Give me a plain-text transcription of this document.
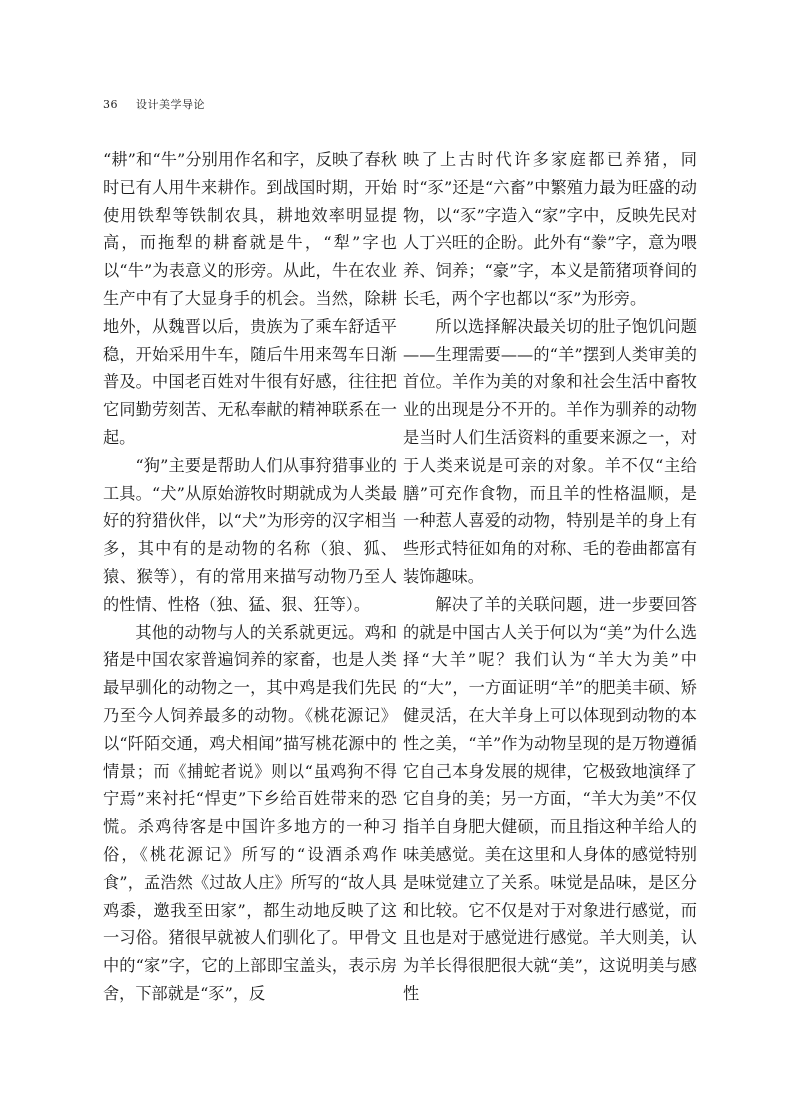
36 设计美学导论

“耕”和“牛”分别用作名和字，反映了春秋时已有人用牛来耕作。到战国时期，开始使用铁犁等铁制农具，耕地效率明显提高，而拖犁的耕畜就是牛，“犁”字也以“牛”为表意义的形旁。从此，牛在农业生产中有了大显身手的机会。当然，除耕地外，从魏晋以后，贵族为了乘车舒适平稳，开始采用牛车，随后牛用来驾车日渐普及。中国老百姓对牛很有好感，往往把它同勤劳刻苦、无私奉献的精神联系在一起。

“狗”主要是帮助人们从事狩猎事业的工具。“犬”从原始游牧时期就成为人类最好的狩猎伙伴，以“犬”为形旁的汉字相当多，其中有的是动物的名称（狼、狐、猿、猴等），有的常用来描写动物乃至人的性情、性格（独、猛、狠、狂等）。

其他的动物与人的关系就更远。鸡和猪是中国农家普遍饲养的家畜，也是人类最早驯化的动物之一，其中鸡是我们先民乃至今人饲养最多的动物。《桃花源记》以“阡陌交通，鸡犬相闻”描写桃花源中的情景；而《捕蛇者说》则以“虽鸡狗不得宁焉”来衬托“悍吏”下乡给百姓带来的恐慌。杀鸡待客是中国许多地方的一种习俗，《桃花源记》所写的“设酒杀鸡作食”，孟浩然《过故人庄》所写的“故人具鸡黍，邀我至田家”，都生动地反映了这一习俗。猪很早就被人们驯化了。甲骨文中的“家”字，它的上部即宝盖头，表示房舍，下部就是“豕”，反

映了上古时代许多家庭都已养猪，同时“豕”还是“六畜”中繁殖力最为旺盛的动物，以“豕”字造入“家”字中，反映先民对人丁兴旺的企盼。此外有“豢”字，意为喂养、饲养；“豪”字，本义是箭猪项脊间的长毛，两个字也都以“豕”为形旁。

所以选择解决最关切的肚子饱饥问题——生理需要——的“羊”摆到人类审美的首位。羊作为美的对象和社会生活中畜牧业的出现是分不开的。羊作为驯养的动物是当时人们生活资料的重要来源之一，对于人类来说是可亲的对象。羊不仅“主给膳”可充作食物，而且羊的性格温顺，是一种惹人喜爱的动物，特别是羊的身上有些形式特征如角的对称、毛的卷曲都富有装饰趣味。

解决了羊的关联问题，进一步要回答的就是中国古人关于何以为“美”为什么选择“大羊”呢？我们认为“羊大为美”中的“大”，一方面证明“羊”的肥美丰硕、矫健灵活，在大羊身上可以体现到动物的本性之美，“羊”作为动物呈现的是万物遵循它自己本身发展的规律，它极致地演绎了它自身的美；另一方面，“羊大为美”不仅指羊自身肥大健硕，而且指这种羊给人的味美感觉。美在这里和人身体的感觉特别是味觉建立了关系。味觉是品味，是区分和比较。它不仅是对于对象进行感觉，而且也是对于感觉进行感觉。羊大则美，认为羊长得很肥很大就“美”，这说明美与感性
